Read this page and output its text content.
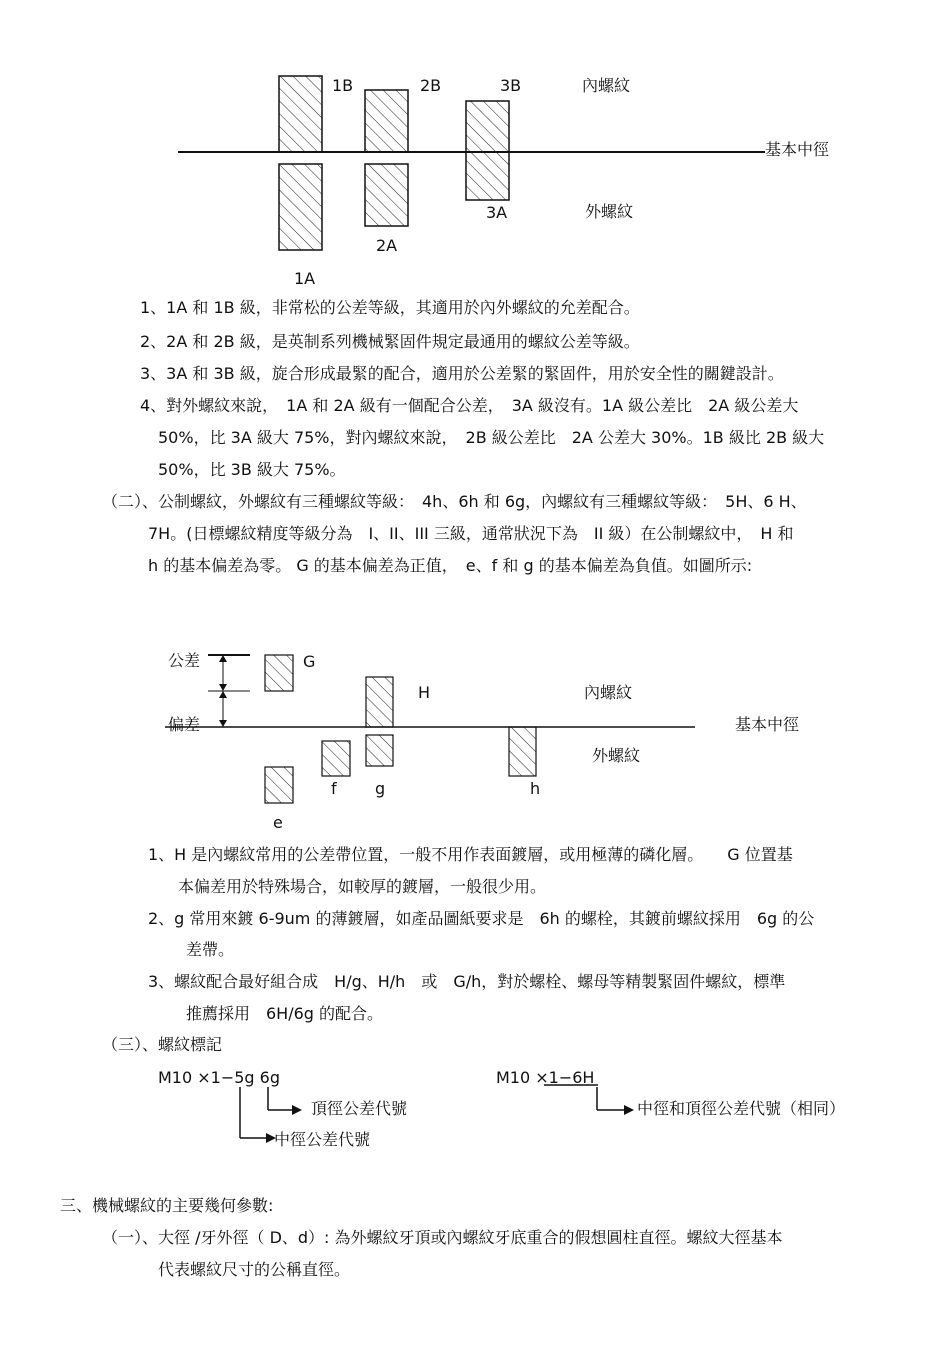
1B	2B	3B	內螺紋
基本中徑
3A	外螺紋
2A
1A
1、1A 和 1B 級，非常松的公差等級，其適用於內外螺紋的允差配合。
2、2A 和 2B 級，是英制系列機械緊固件規定最通用的螺紋公差等級。
3、3A 和 3B 級，旋合形成最緊的配合，適用於公差緊的緊固件，用於安全性的關鍵設計。
4、對外螺紋來說，　1A 和 2A 級有一個配合公差，　3A 級沒有。1A 級公差比　2A 級公差大
50%，比 3A 級大 75%，對內螺紋來說，　2B 級公差比　2A 公差大 30%。1B 級比 2B 級大
50%，比 3B 級大 75%。
（二）、公制螺紋，外螺紋有三種螺紋等級：　4h、6h 和 6g，內螺紋有三種螺紋等級：　5H、6 H、
7H。(日標螺紋精度等級分為　I、II、III 三級，通常狀況下為　II 級）在公制螺紋中，　H 和
h 的基本偏差為零。 G 的基本偏差為正值，　e、f 和 g 的基本偏差為負值。如圖所示:
公差
偏差
G
H	內螺紋
基本中徑
外螺紋
f g	h
e
1、H 是內螺紋常用的公差帶位置，一般不用作表面鍍層，或用極薄的磷化層。　　G 位置基
本偏差用於特殊場合，如較厚的鍍層，一般很少用。
2、g 常用來鍍 6-9um 的薄鍍層，如產品圖紙要求是　6h 的螺栓，其鍍前螺紋採用　6g 的公
差帶。
3、螺紋配合最好組合成　H/g、H/h　或　G/h，對於螺栓、螺母等精製緊固件螺紋，標準
推薦採用　6H/6g 的配合。
（三）、螺紋標記
M10 ×1−5g 6g
頂徑公差代號
中徑公差代號
M10 ×1−6H
中徑和頂徑公差代號（相同）
三、機械螺紋的主要幾何參數:
（一）、大徑 /牙外徑（ D、d）: 為外螺紋牙頂或內螺紋牙底重合的假想圓柱直徑。螺紋大徑基本
代表螺紋尺寸的公稱直徑。
